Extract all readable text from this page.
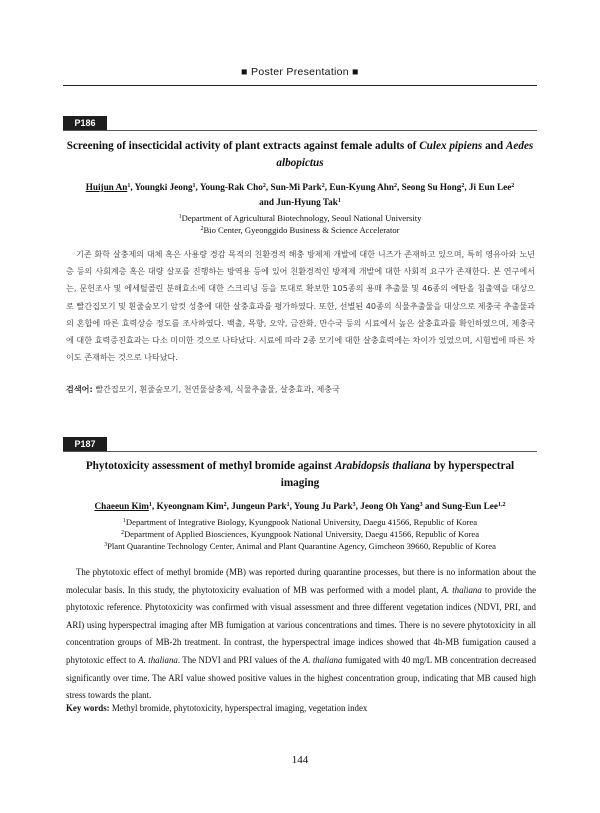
■ Poster Presentation ■
P186
Screening of insecticidal activity of plant extracts against female adults of Culex pipiens and Aedes albopictus
Huijun An$^1$, Youngki Jeong$^1$, Young-Rak Cho$^2$, Sun-Mi Park$^2$, Eun-Kyung Ahn$^2$, Seong Su Hong$^2$, Ji Eun Lee$^2$
and Jun-Hyung Tak$^1$
$^1$Department of Agricultural Biotechnology, Seoul National University
$^2$Bio Center, Gyeonggido Business & Science Accelerator
기존 화학 살충제의 대체 혹은 사용량 경감 목적의 친환경적 해충 방제제 개발에 대한 니즈가 존재하고 있으며, 특히 영유아와 노년층 등의 사회계층 혹은 대량 살포를 진행하는 방역용 등에 있어 친환경적인 방제제 개발에 대한 사회적 요구가 존재한다. 본 연구에서는, 문헌조사 및 에세틸콜린 분해효소에 대한 스크리닝 등을 토대로 확보한 105종의 용매 추출물 및 46종의 에탄올 침출액을 대상으로 빨간집모기 및 흰줄숲모기 암컷 성충에 대한 살충효과를 평가하였다. 또한, 선별된 40종의 식물추출물을 대상으로 제충국 추출물과의 혼합에 따른 효력상승 정도를 조사하였다. 백출, 목향, 오약, 금잔화, 만수국 등의 시료에서 높은 살충효과를 확인하였으며, 제충국에 대한 효력증진효과는 다소 미미한 것으로 나타났다. 시료에 따라 2종 모기에 대한 살충효력에는 차이가 있었으며, 시험법에 따른 차이도 존재하는 것으로 나타났다.
검색어: 빨간집모기, 흰줄숲모기, 천연물살충제, 식물추출물, 살충효과, 제충국
P187
Phytotoxicity assessment of methyl bromide against Arabidopsis thaliana by hyperspectral imaging
Chaeeun Kim$^1$, Kyeongnam Kim$^2$, Jungeun Park$^1$, Young Ju Park$^3$, Jeong Oh Yang$^3$ and Sung-Eun Lee$^{1,2}$
$^1$Department of Integrative Biology, Kyungpook National University, Daegu 41566, Republic of Korea
$^2$Department of Applied Biosciences, Kyungpook National University, Daegu 41566, Republic of Korea
$^3$Plant Quarantine Technology Center, Animal and Plant Quarantine Agency, Gimcheon 39660, Republic of Korea
The phytotoxic effect of methyl bromide (MB) was reported during quarantine processes, but there is no information about the molecular basis. In this study, the phytotoxicity evaluation of MB was performed with a model plant, A. thaliana to provide the phytotoxic reference. Phytotoxicity was confirmed with visual assessment and three different vegetation indices (NDVI, PRI, and ARI) using hyperspectral imaging after MB fumigation at various concentrations and times. There is no severe phytotoxicity in all concentration groups of MB-2h treatment. In contrast, the hyperspectral image indices showed that 4h-MB fumigation caused a phytotoxic effect to A. thaliana. The NDVI and PRI values of the A. thaliana fumigated with 40 mg/L MB concentration decreased significantly over time. The ARI value showed positive values in the highest concentration group, indicating that MB caused high stress towards the plant.
Key words: Methyl bromide, phytotoxicity, hyperspectral imaging, vegetation index
144
